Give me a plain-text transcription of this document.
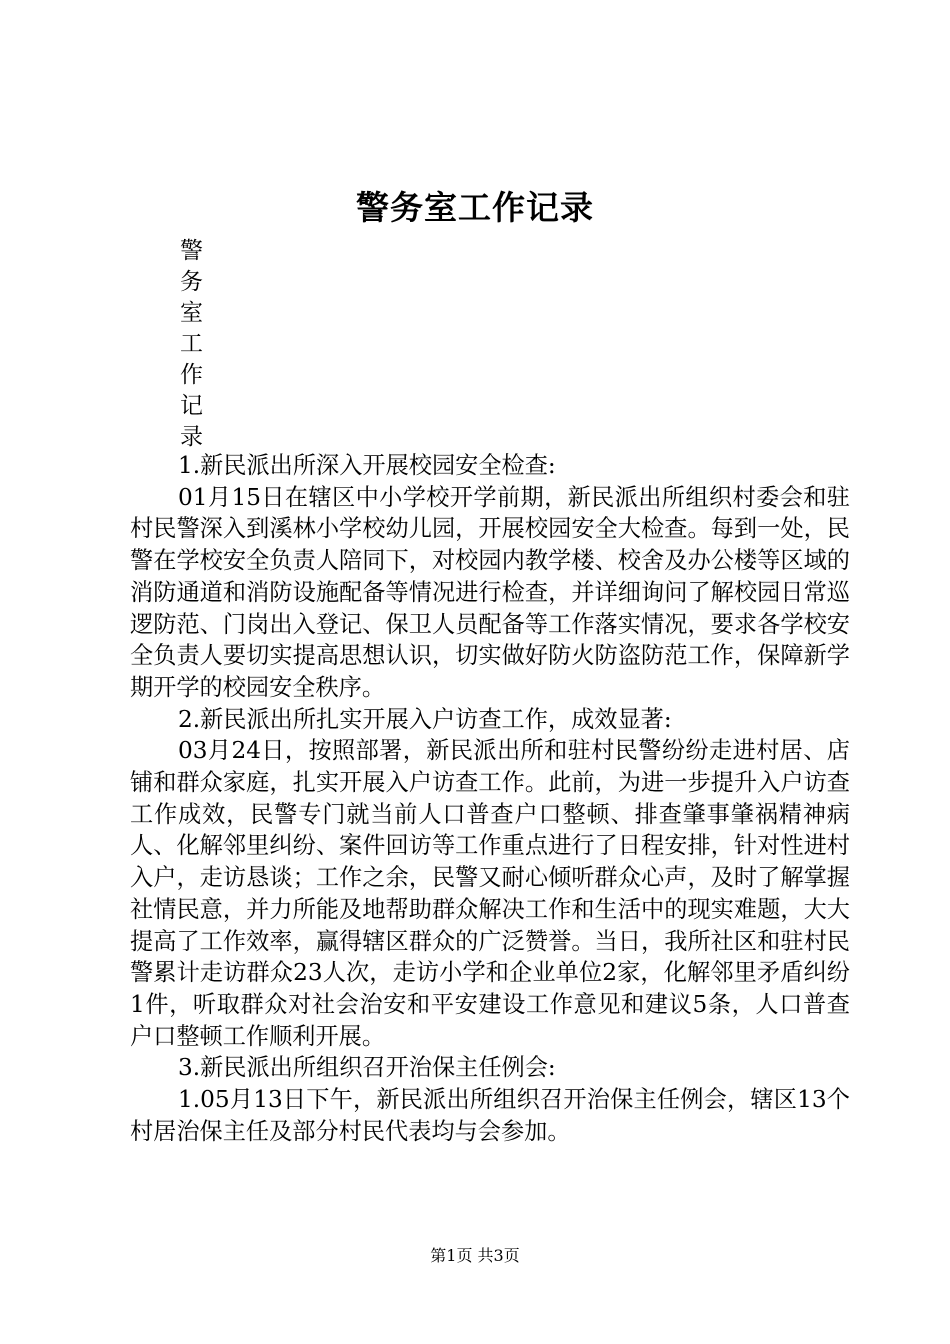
警务室工作记录
警
务
室
工
作
记
录

1.新民派出所深入开展校园安全检查:

01月15日在辖区中小学校开学前期，新民派出所组织村委会和驻村民警深入到溪林小学校幼儿园，开展校园安全大检查。每到一处，民警在学校安全负责人陪同下，对校园内教学楼、校舍及办公楼等区域的消防通道和消防设施配备等情况进行检查，并详细询问了解校园日常巡逻防范、门岗出入登记、保卫人员配备等工作落实情况，要求各学校安全负责人要切实提高思想认识，切实做好防火防盗防范工作，保障新学期开学的校园安全秩序。

2.新民派出所扎实开展入户访查工作，成效显著:

03月24日，按照部署，新民派出所和驻村民警纷纷走进村居、店铺和群众家庭，扎实开展入户访查工作。此前，为进一步提升入户访查工作成效，民警专门就当前人口普查户口整顿、排查肇事肇祸精神病人、化解邻里纠纷、案件回访等工作重点进行了日程安排，针对性进村入户，走访恳谈；工作之余，民警又耐心倾听群众心声，及时了解掌握社情民意，并力所能及地帮助群众解决工作和生活中的现实难题，大大提高了工作效率，赢得辖区群众的广泛赞誉。当日，我所社区和驻村民警累计走访群众23人次，走访小学和企业单位2家，化解邻里矛盾纠纷1件，听取群众对社会治安和平安建设工作意见和建议5条，人口普查户口整顿工作顺利开展。

3.新民派出所组织召开治保主任例会:

1.05月13日下午，新民派出所组织召开治保主任例会，辖区13个村居治保主任及部分村民代表均与会参加。

第1页 共3页
